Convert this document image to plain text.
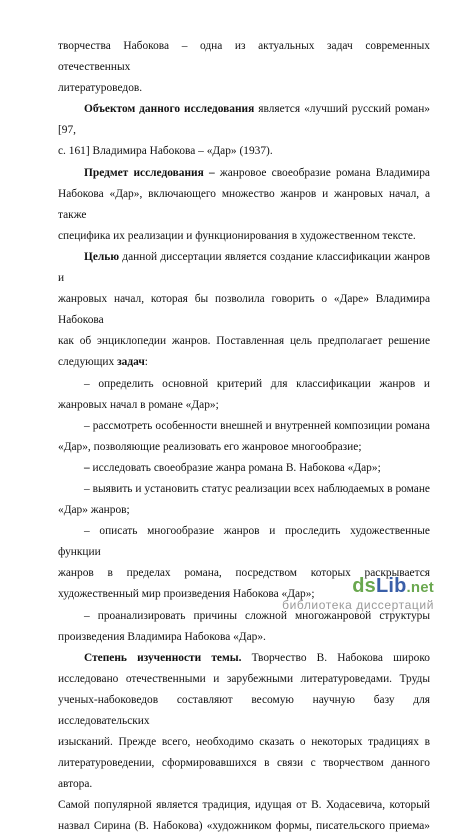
творчества Набокова – одна из актуальных задач современных отечественных
литературоведов.
Объектом данного исследования является «лучший русский роман» [97,
с. 161] Владимира Набокова – «Дар» (1937).
Предмет исследования – жанровое своеобразие романа Владимира
Набокова «Дар», включающего множество жанров и жанровых начал, а также
специфика их реализации и функционирования в художественном тексте.
Целью данной диссертации является создание классификации жанров и
жанровых начал, которая бы позволила говорить о «Даре» Владимира Набокова
как об энциклопедии жанров. Поставленная цель предполагает решение
следующих задач:
– определить основной критерий для классификации жанров и
жанровых начал в романе «Дар»;
– рассмотреть особенности внешней и внутренней композиции романа
«Дар», позволяющие реализовать его жанровое многообразие;
– исследовать своеобразие жанра романа В. Набокова «Дар»;
– выявить и установить статус реализации всех наблюдаемых в романе
«Дар» жанров;
– описать многообразие жанров и проследить художественные функции
жанров в пределах романа, посредством которых раскрывается
художественный мир произведения Набокова «Дар»;
– проанализировать причины сложной многожанровой структуры
произведения Владимира Набокова «Дар».
Степень изученности темы. Творчество В. Набокова широко
исследовано отечественными и зарубежными литературоведами. Труды
ученых-набоковедов составляют весомую научную базу для исследовательских
изысканий. Прежде всего, необходимо сказать о некоторых традициях в
литературоведении, сформировавшихся в связи с творчеством данного автора.
Самой популярной является традиция, идущая от В. Ходасевича, который
назвал Сирина (В. Набокова) «художником формы, писательского приема»
dsLib.net
библиотека диссертаций
